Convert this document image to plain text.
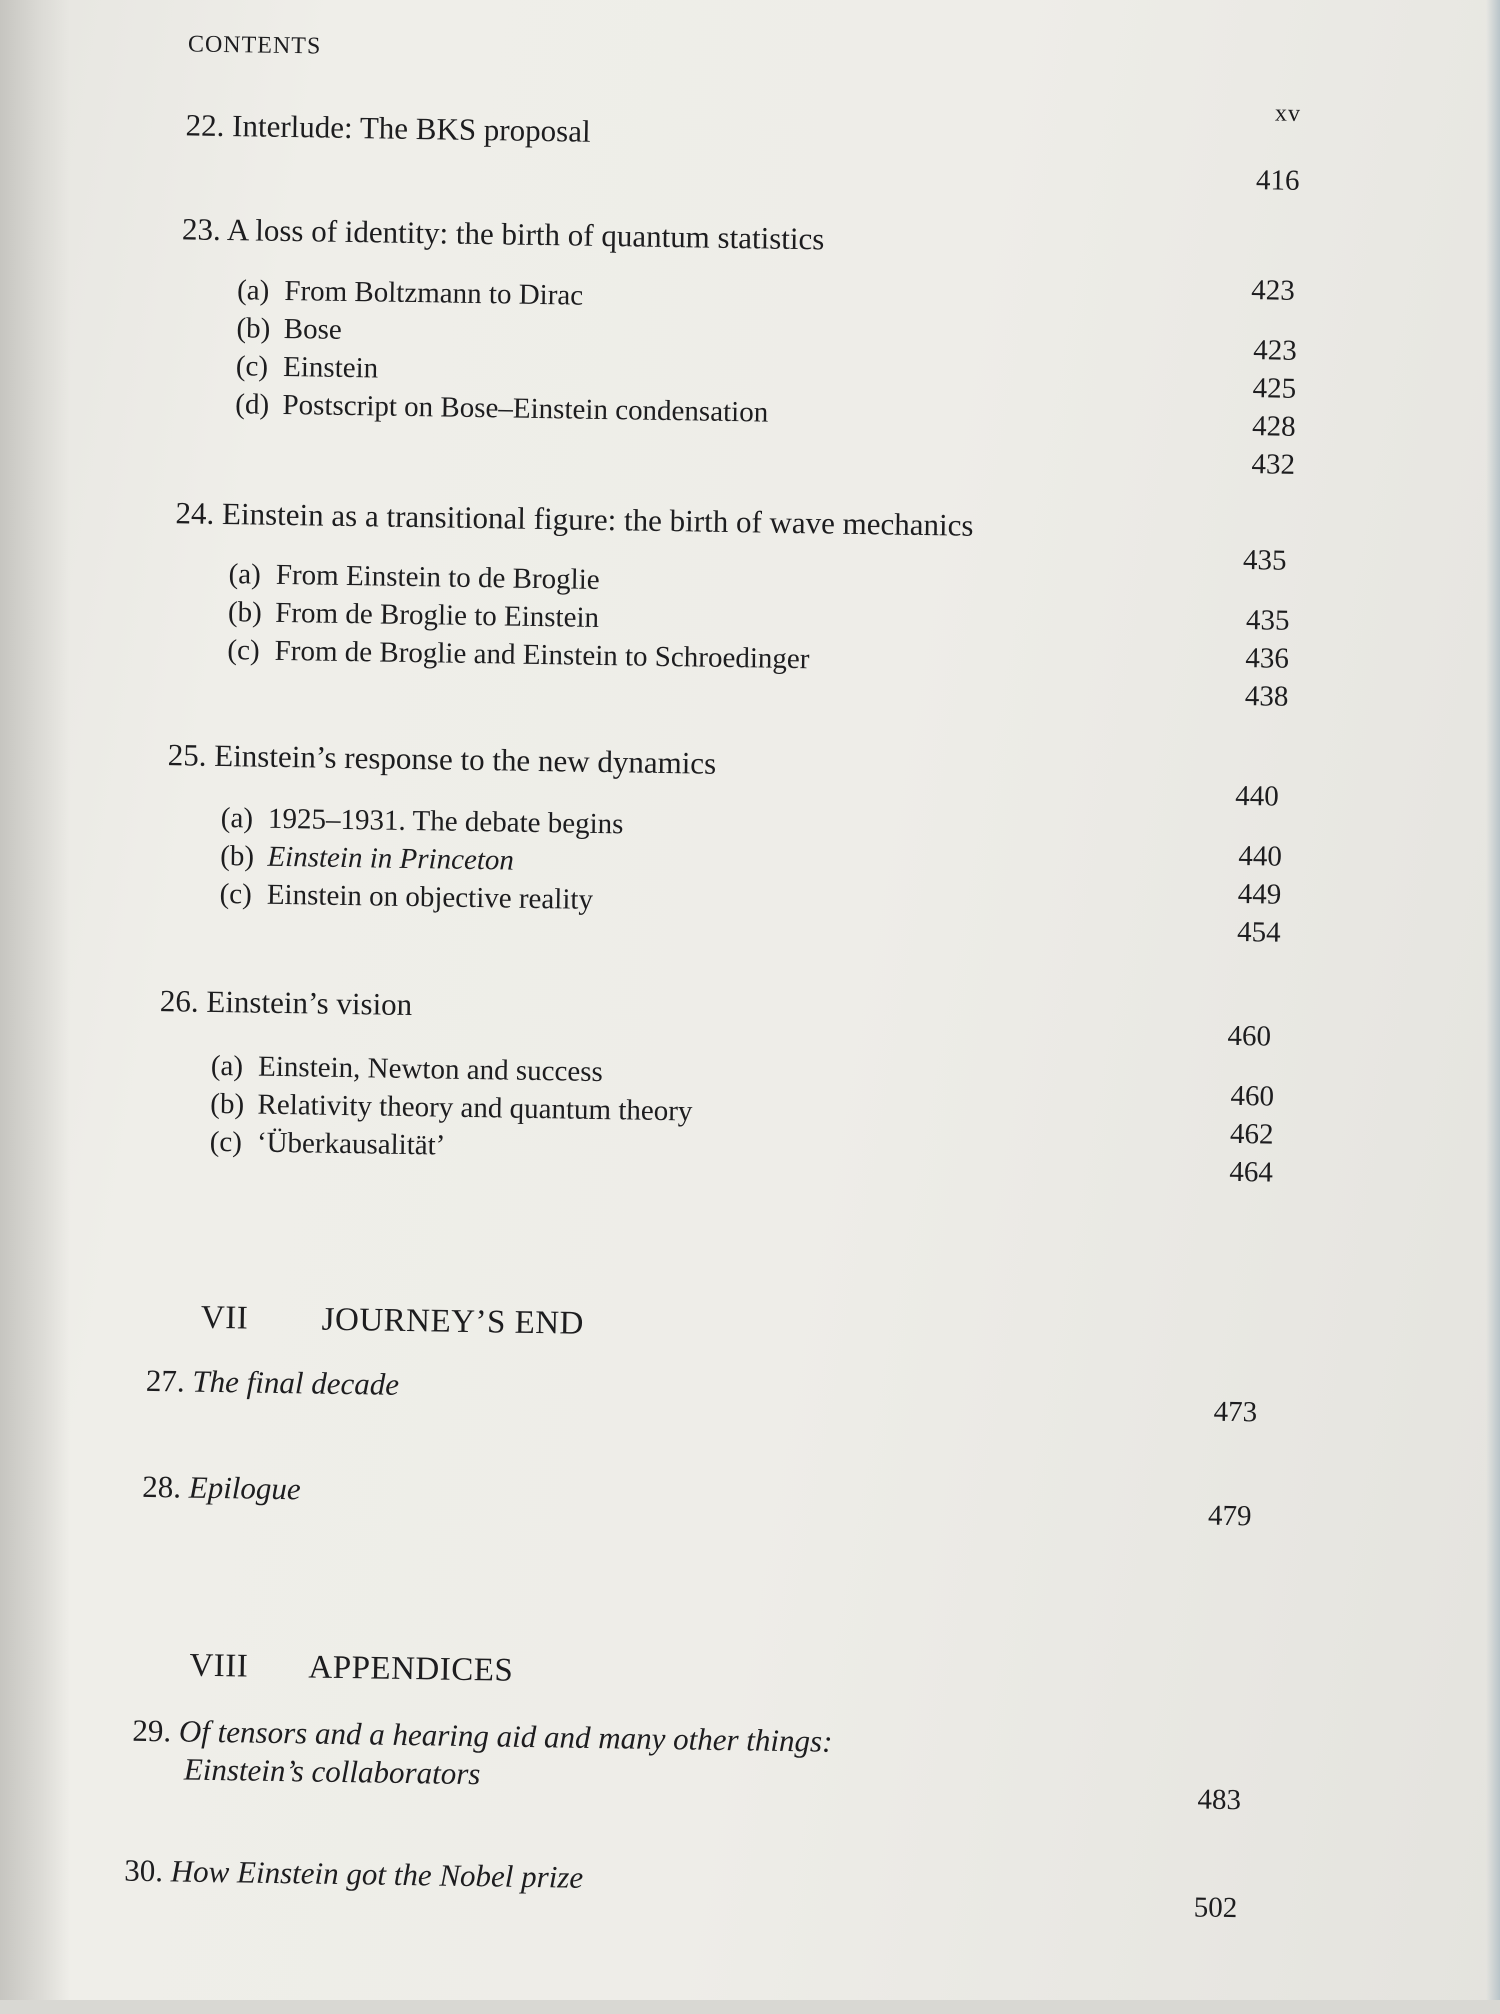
CONTENTS
xv
22. Interlude: The BKS proposal
416
23. A loss of identity: the birth of quantum statistics
423
(a) From Boltzmann to Dirac
423
(b) Bose
425
(c) Einstein
428
(d) Postscript on Bose–Einstein condensation
432
24. Einstein as a transitional figure: the birth of wave mechanics
435
(a) From Einstein to de Broglie
435
(b) From de Broglie to Einstein
436
(c) From de Broglie and Einstein to Schroedinger
438
25. Einstein’s response to the new dynamics
440
(a) 1925–1931. The debate begins
440
(b) Einstein in Princeton
449
(c) Einstein on objective reality
454
26. Einstein’s vision
460
(a) Einstein, Newton and success
460
(b) Relativity theory and quantum theory
462
(c) ‘Überkausalität’
464
VII JOURNEY’S END
27. The final decade
473
28. Epilogue
479
VIII APPENDICES
29. Of tensors and a hearing aid and many other things:
Einstein’s collaborators
483
30. How Einstein got the Nobel prize
502
